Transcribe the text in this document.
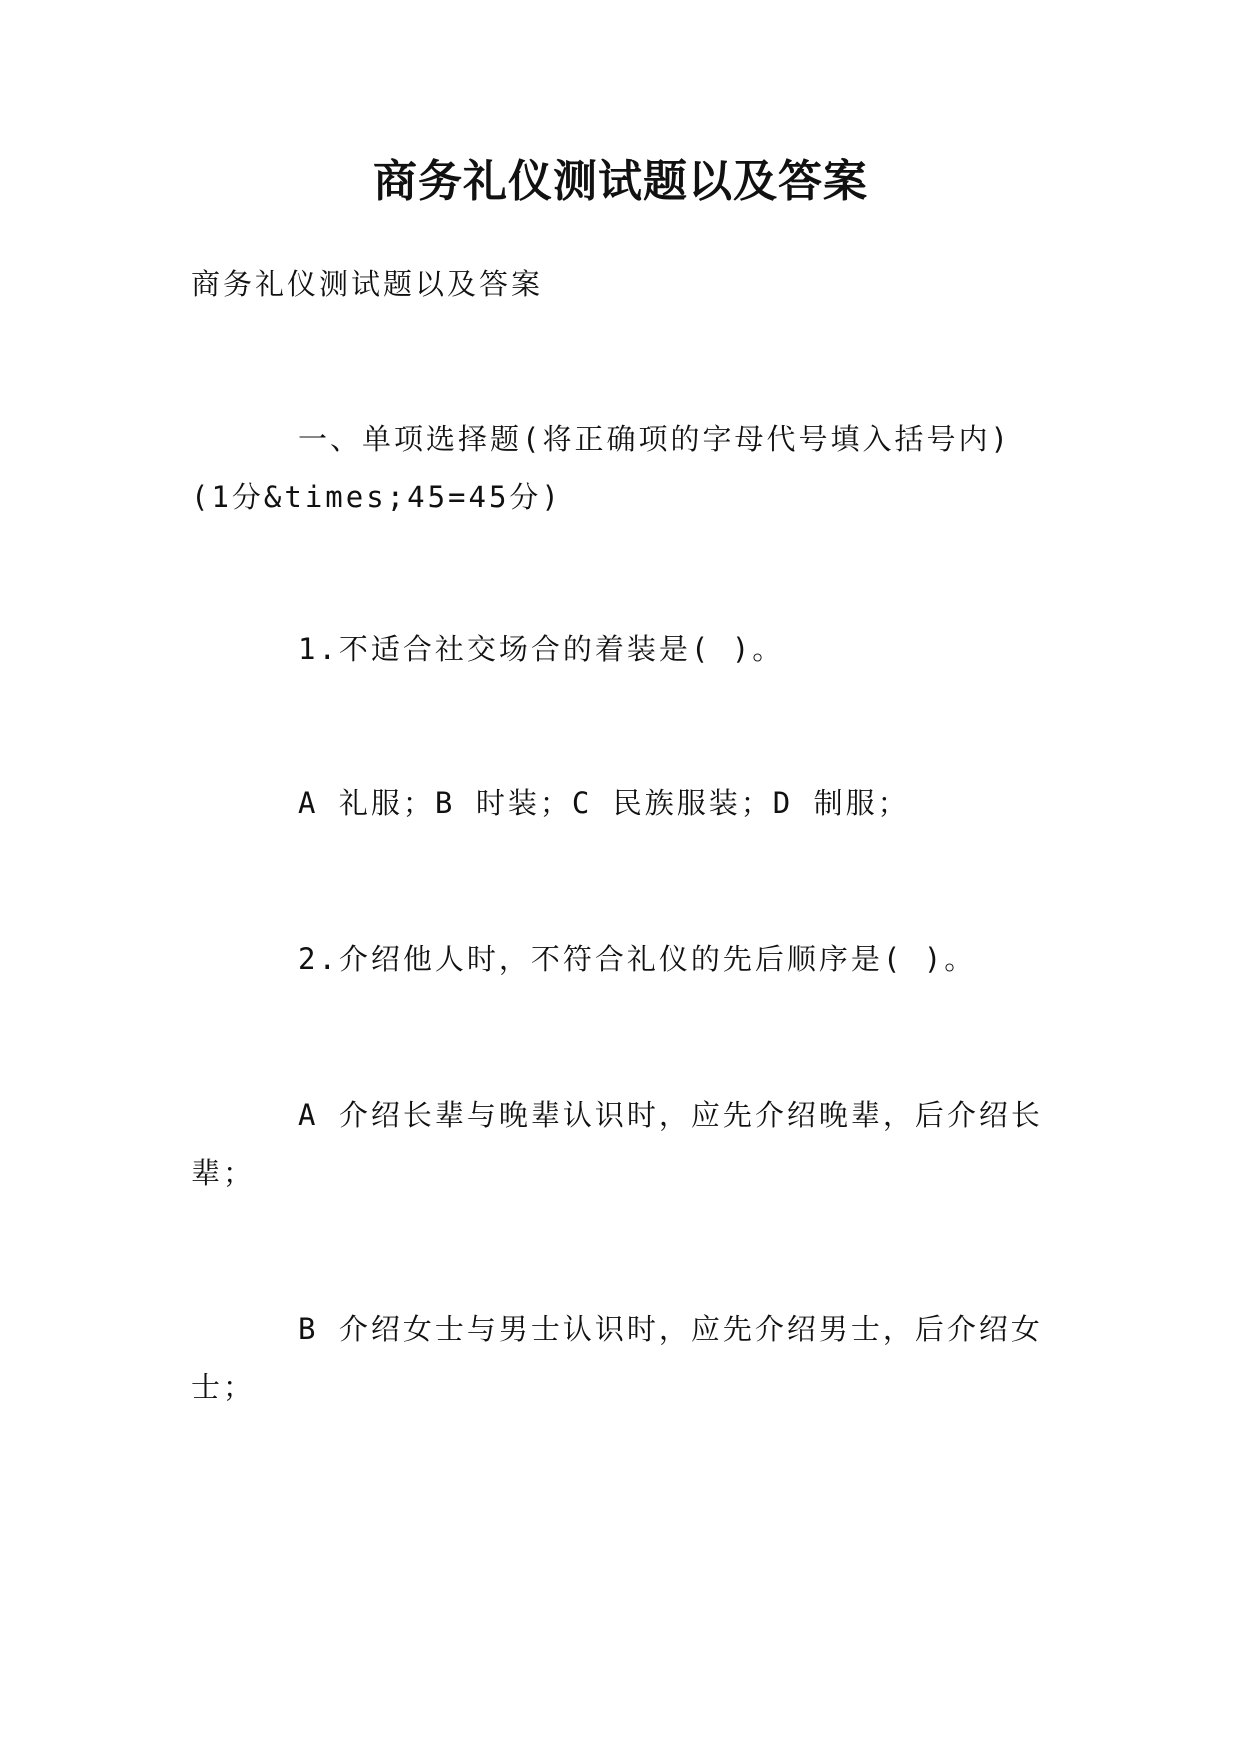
商务礼仪测试题以及答案

商务礼仪测试题以及答案

一、单项选择题(将正确项的字母代号填入括号内)(1分&times;45=45分)

1.不适合社交场合的着装是( )。

A 礼服；B 时装；C 民族服装；D 制服；

2.介绍他人时，不符合礼仪的先后顺序是( )。

A 介绍长辈与晚辈认识时，应先介绍晚辈，后介绍长辈；

B 介绍女士与男士认识时，应先介绍男士，后介绍女士；
